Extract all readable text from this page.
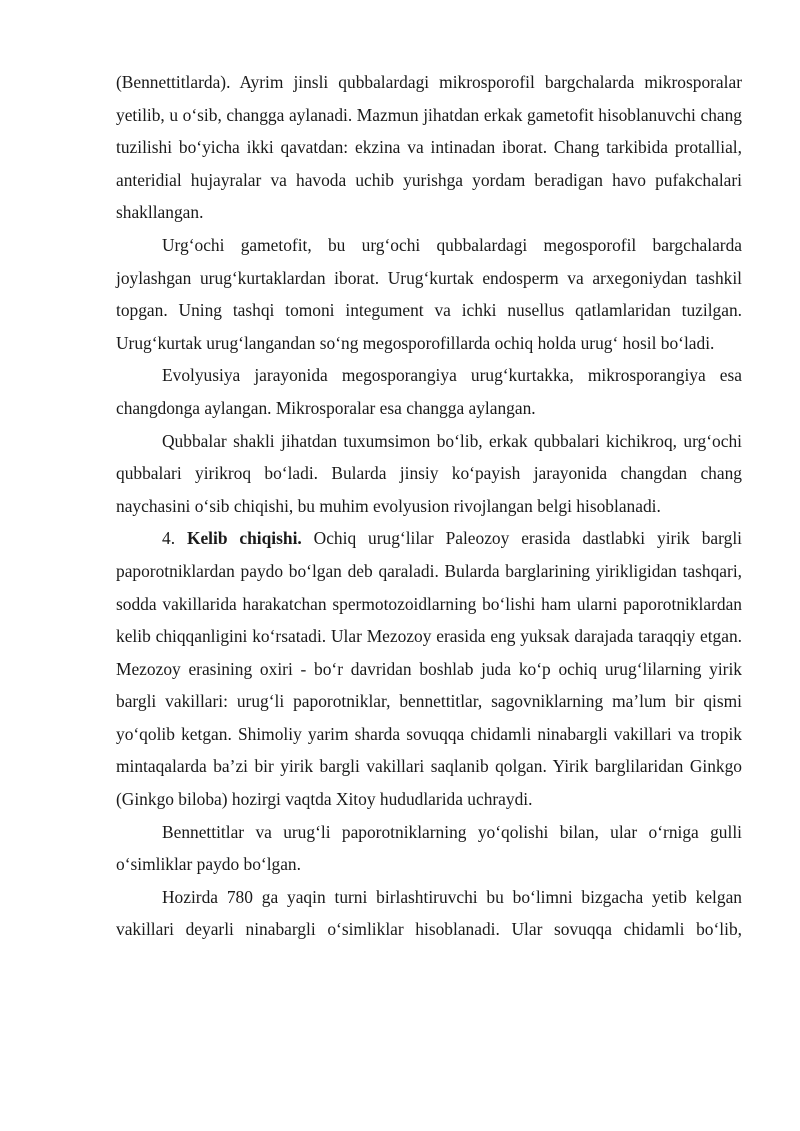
(Bennettitlarda). Ayrim jinsli qubbalardagi mikrosporofil bargchalarda mikrosporalar yetilib, u o‘sib, changga aylanadi. Mazmun jihatdan erkak gametofit hisoblanuvchi chang tuzilishi bo‘yicha ikki qavatdan: ekzina va intinadan iborat. Chang tarkibida protallial, anteridial hujayralar va havoda uchib yurishga yordam beradigan havo pufakchalari shakllangan.

Urg‘ochi gametofit, bu urg‘ochi qubbalardagi megosporofil bargchalarda joylashgan urug‘kurtaklardan iborat. Urug‘kurtak endosperm va arxegoniydan tashkil topgan. Uning tashqi tomoni integument va ichki nusellus qatlamlaridan tuzilgan. Urug‘kurtak urug‘langandan so‘ng megosporofillarda ochiq holda urug‘ hosil bo‘ladi.

Evolyusiya jarayonida megosporangiya urug‘kurtakka, mikrosporangiya esa changdonga aylangan. Mikrosporalar esa changga aylangan.

Qubbalar shakli jihatdan tuxumsimon bo‘lib, erkak qubbalari kichikroq, urg‘ochi qubbalari yirikroq bo‘ladi. Bularda jinsiy ko‘payish jarayonida changdan chang naychasini o‘sib chiqishi, bu muhim evolyusion rivojlangan belgi hisoblanadi.

4. Kelib chiqishi. Ochiq urug‘lilar Paleozoy erasida dastlabki yirik bargli paporotniklardan paydo bo‘lgan deb qaraladi. Bularda barglarining yirikligidan tashqari, sodda vakillarida harakatchan spermotozoidlarning bo‘lishi ham ularni paporotniklardan kelib chiqqanligini ko‘rsatadi. Ular Mezozoy erasida eng yuksak darajada taraqqiy etgan. Mezozoy erasining oxiri - bo‘r davridan boshlab juda ko‘p ochiq urug‘lilarning yirik bargli vakillari: urug‘li paporotniklar, bennettitlar, sagovniklarning ma’lum bir qismi yo‘qolib ketgan. Shimoliy yarim sharda sovuqqa chidamli ninabargli vakillari va tropik mintaqalarda ba’zi bir yirik bargli vakillari saqlanib qolgan. Yirik barglilaridan Ginkgo (Ginkgo biloba) hozirgi vaqtda Xitoy hududlarida uchraydi.

Bennettitlar va urug‘li paporotniklarning yo‘qolishi bilan, ular o‘rniga gulli o‘simliklar paydo bo‘lgan.

Hozirda 780 ga yaqin turni birlashtiruvchi bu bo‘limni bizgacha yetib kelgan vakillari deyarli ninabargli o‘simliklar hisoblanadi. Ular sovuqqa chidamli bo‘lib,
